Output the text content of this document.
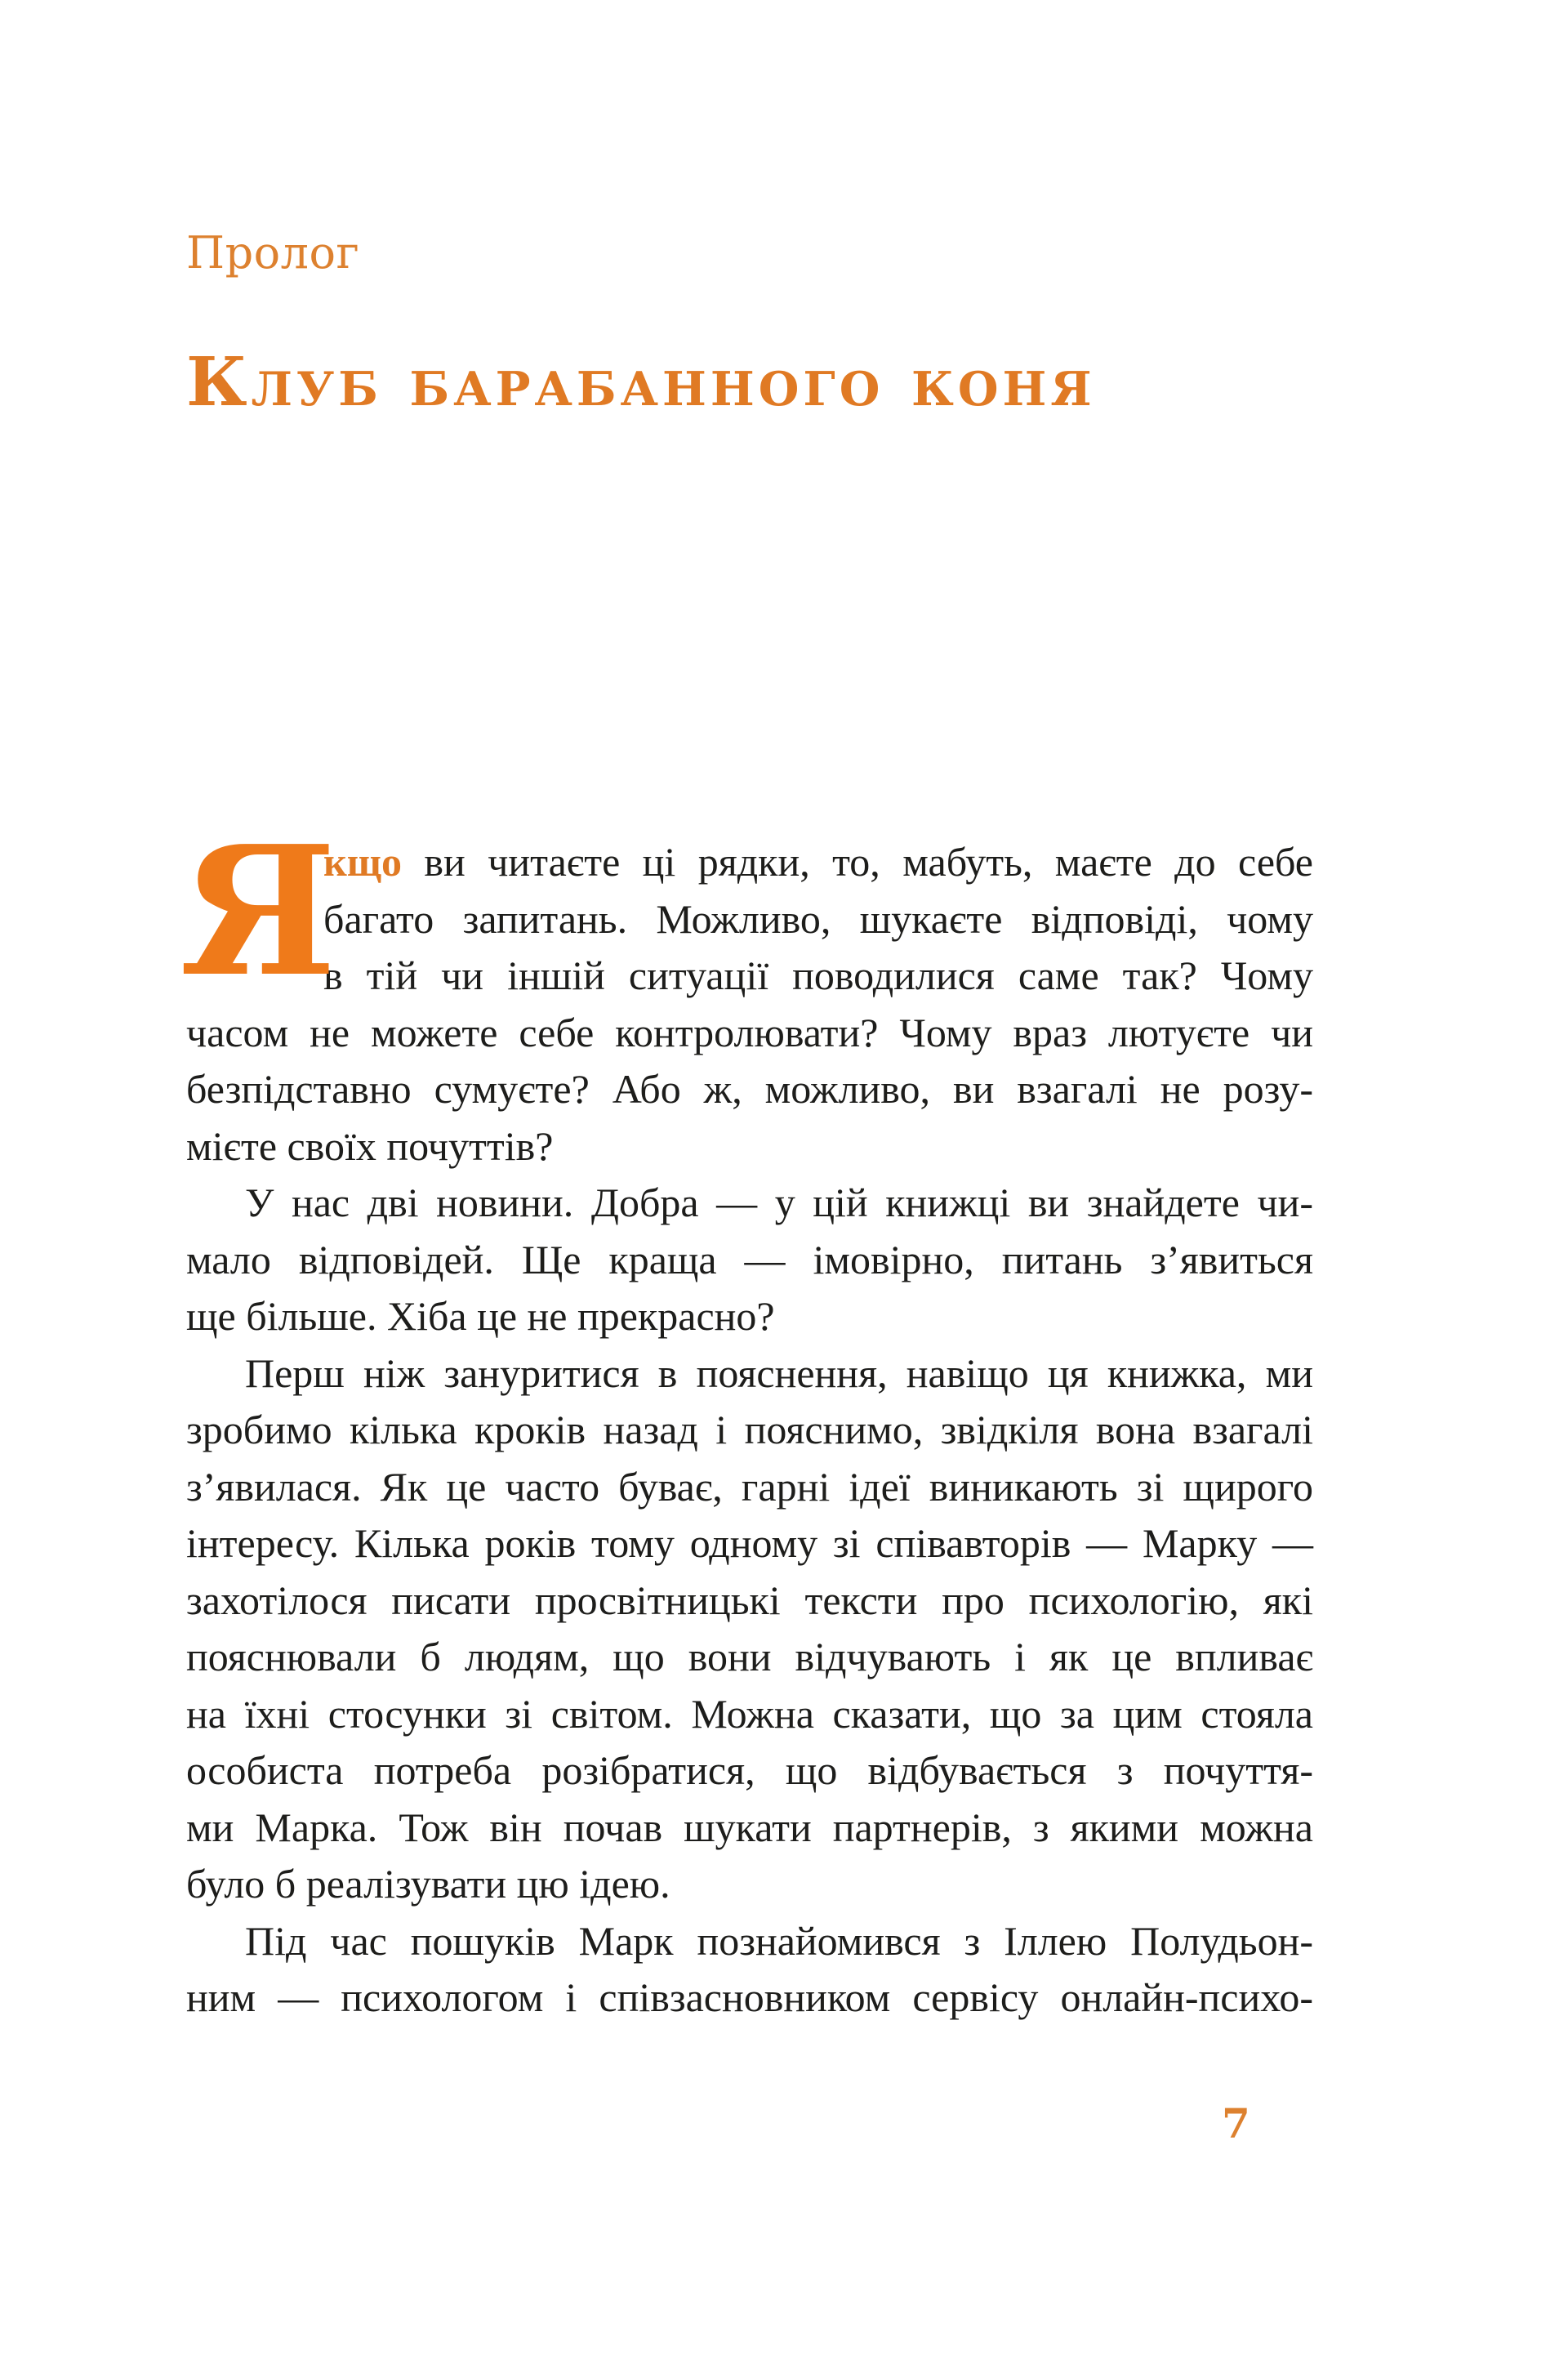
Пролог
Клуб барабанного коня
Я
кщо ви читаєте ці рядки, то, мабуть, маєте до себе
багато запитань. Можливо, шукаєте відповіді, чому
в тій чи іншій ситуації поводилися саме так? Чому
часом не можете себе контролювати? Чому враз лютуєте чи
безпідставно сумуєте? Або ж, можливо, ви взагалі не розу-
мієте своїх почуттів?
У нас дві новини. Добра — у цій книжці ви знайдете чи-
мало відповідей. Ще краща — імовірно, питань з’явиться
ще більше. Хіба це не прекрасно?
Перш ніж зануритися в пояснення, навіщо ця книжка, ми
зробимо кілька кроків назад і пояснимо, звідкіля вона взагалі
з’явилася. Як це часто буває, гарні ідеї виникають зі щирого
інтересу. Кілька років тому одному зі співавторів — Марку —
захотілося писати просвітницькі тексти про психологію, які
пояснювали б людям, що вони відчувають і як це впливає
на їхні стосунки зі світом. Можна сказати, що за цим стояла
особиста потреба розібратися, що відбувається з почуття-
ми Марка. Тож він почав шукати партнерів, з якими можна
було б реалізувати цю ідею.
Під час пошуків Марк познайомився з Іллею Полудьон-
ним — психологом і співзасновником сервісу онлайн-психо-
7
